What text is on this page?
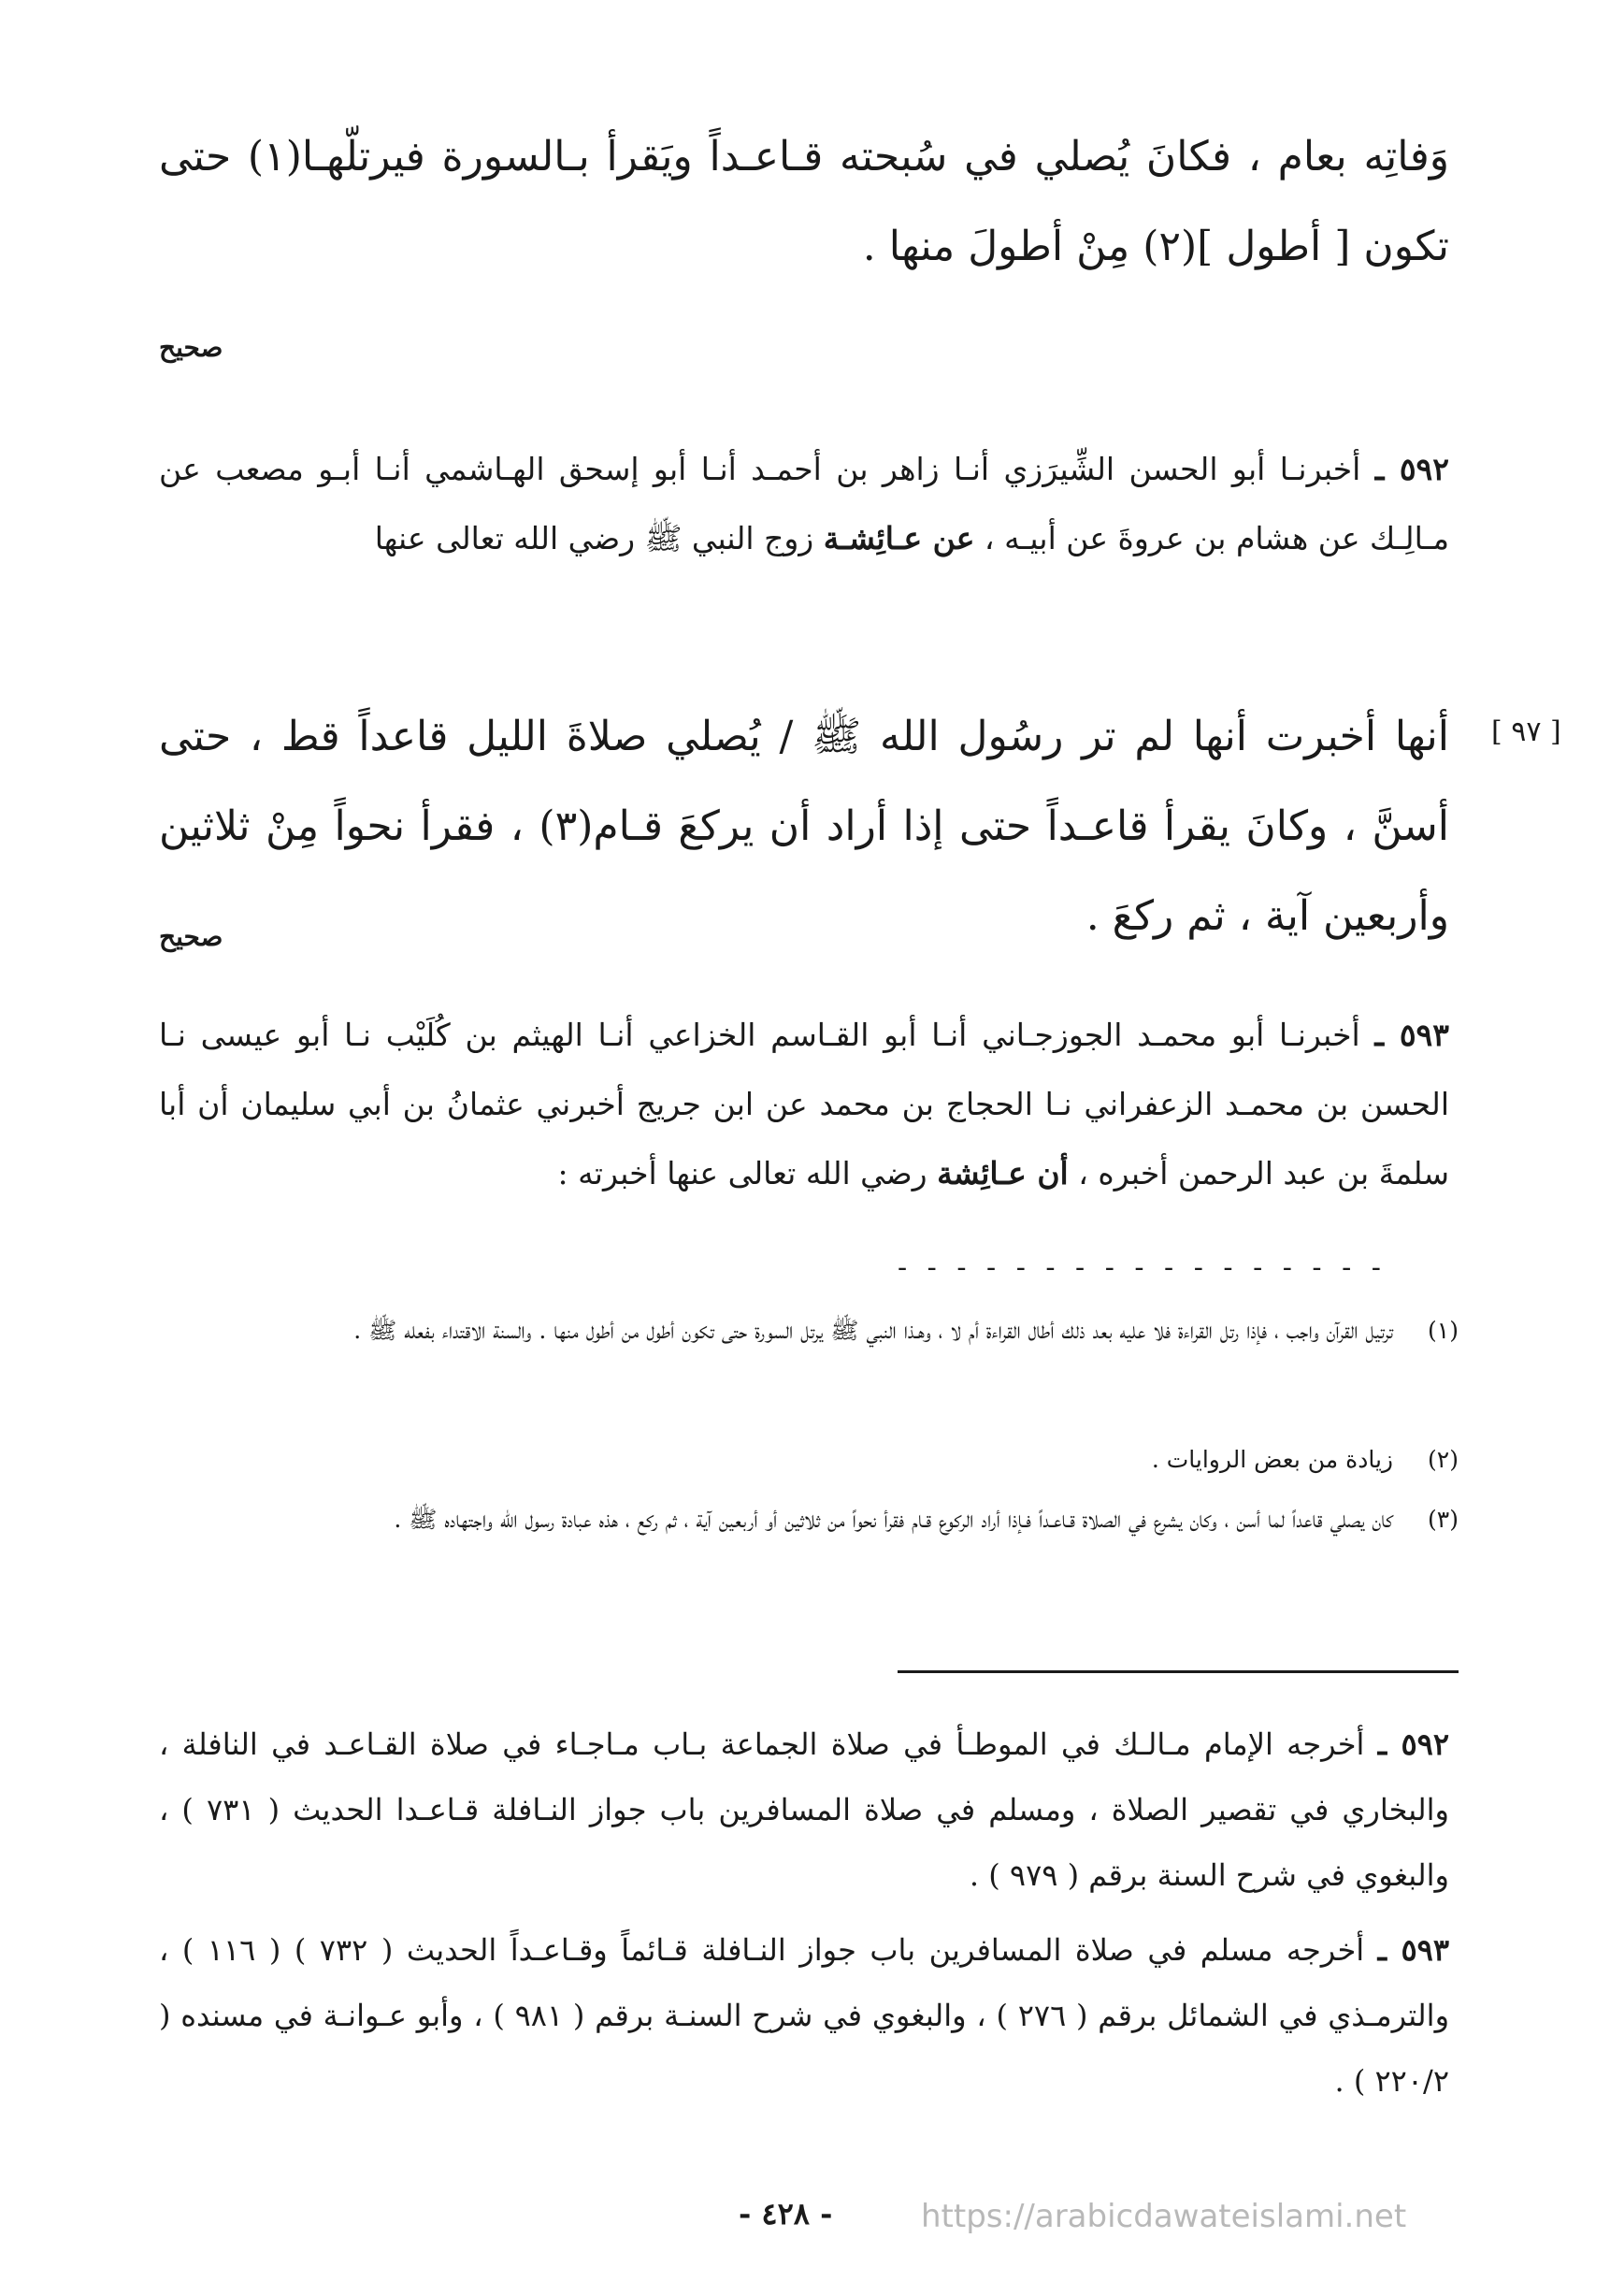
وَفاتِه بعام ، فكانَ يُصلي في سُبحته قـاعـداً ويَقرأ بـالسورة فيرتلّهـا(١) حتى تكون [ أطول ](٢) مِنْ أطولَ منها .
صحيح
٥٩٢ ـ أخبرنـا أبو الحسن الشِّيرَزي أنـا زاهر بن أحمـد أنـا أبو إسحق الهـاشمي أنـا أبـو مصعب عن مـالِـك عن هشام بن عروةَ عن أبيـه ، عن عـائِشـة زوج النبي ﷺ رضي الله تعالى عنها
[ ٩٧ ]
أنها أخبرت أنها لم تر رسُول الله ﷺ / يُصلي صلاةَ الليل قاعداً قط ، حتى أسنَّ ، وكانَ يقرأ قاعـداً حتى إذا أراد أن يركعَ قـام(٣) ، فقرأ نحواً مِنْ ثلاثين وأربعين آية ، ثم ركعَ .
صحيح
٥٩٣ ـ أخبرنـا أبو محمـد الجوزجـاني أنـا أبو القـاسم الخزاعي أنـا الهيثم بن كُلَيْب نـا أبو عيسى نـا الحسن بن محمـد الزعفراني نـا الحجاج بن محمد عن ابن جريج أخبرني عثمانُ بن أبي سليمان أن أبا سلمةَ بن عبد الرحمن أخبره ، أن عـائِشة رضي الله تعالى عنها أخبرته :
- - - - - - - - - - - - - - - - -
(١)
ترتيل القرآن واجب ، فإذا رتل القراءة فلا عليه بعد ذلك أطال القراءة أم لا ، وهـذا النبي ﷺ يرتل السورة حتى تكون أطول من أطول منها . والسنة الاقتداء بفعله ﷺ .
(٢)
زيادة من بعض الروايات .
(٣)
كان يصلي قاعداً لما أسن ، وكان يشرع في الصلاة قـاعـداً فـإذا أراد الركوع قـام فقرأ نحواً من ثلاثين أو أربعين آية ، ثم ركع ، هذه عبادة رسول الله واجتهاده ﷺ .
٥٩٢ ـ أخرجه الإمام مـالـك في الموطـأ في صلاة الجماعة بـاب مـاجـاء في صلاة القـاعـد في النافلة ، والبخاري في تقصير الصلاة ، ومسلم في صلاة المسافرين باب جواز النـافلة قـاعـدا الحديث ( ٧٣١ ) ، والبغوي في شرح السنة برقم ( ٩٧٩ ) .
٥٩٣ ـ أخرجه مسلم في صلاة المسافرين باب جواز النـافلة قـائماً وقـاعـداً الحديث ( ٧٣٢ ) ( ١١٦ ) ، والترمـذي في الشمائل برقم ( ٢٧٦ ) ، والبغوي في شرح السنـة برقم ( ٩٨١ ) ، وأبو عـوانـة في مسنده ( ٢٢٠/٢ ) .
- ٤٢٨ -	https://arabicdawateislami.net
